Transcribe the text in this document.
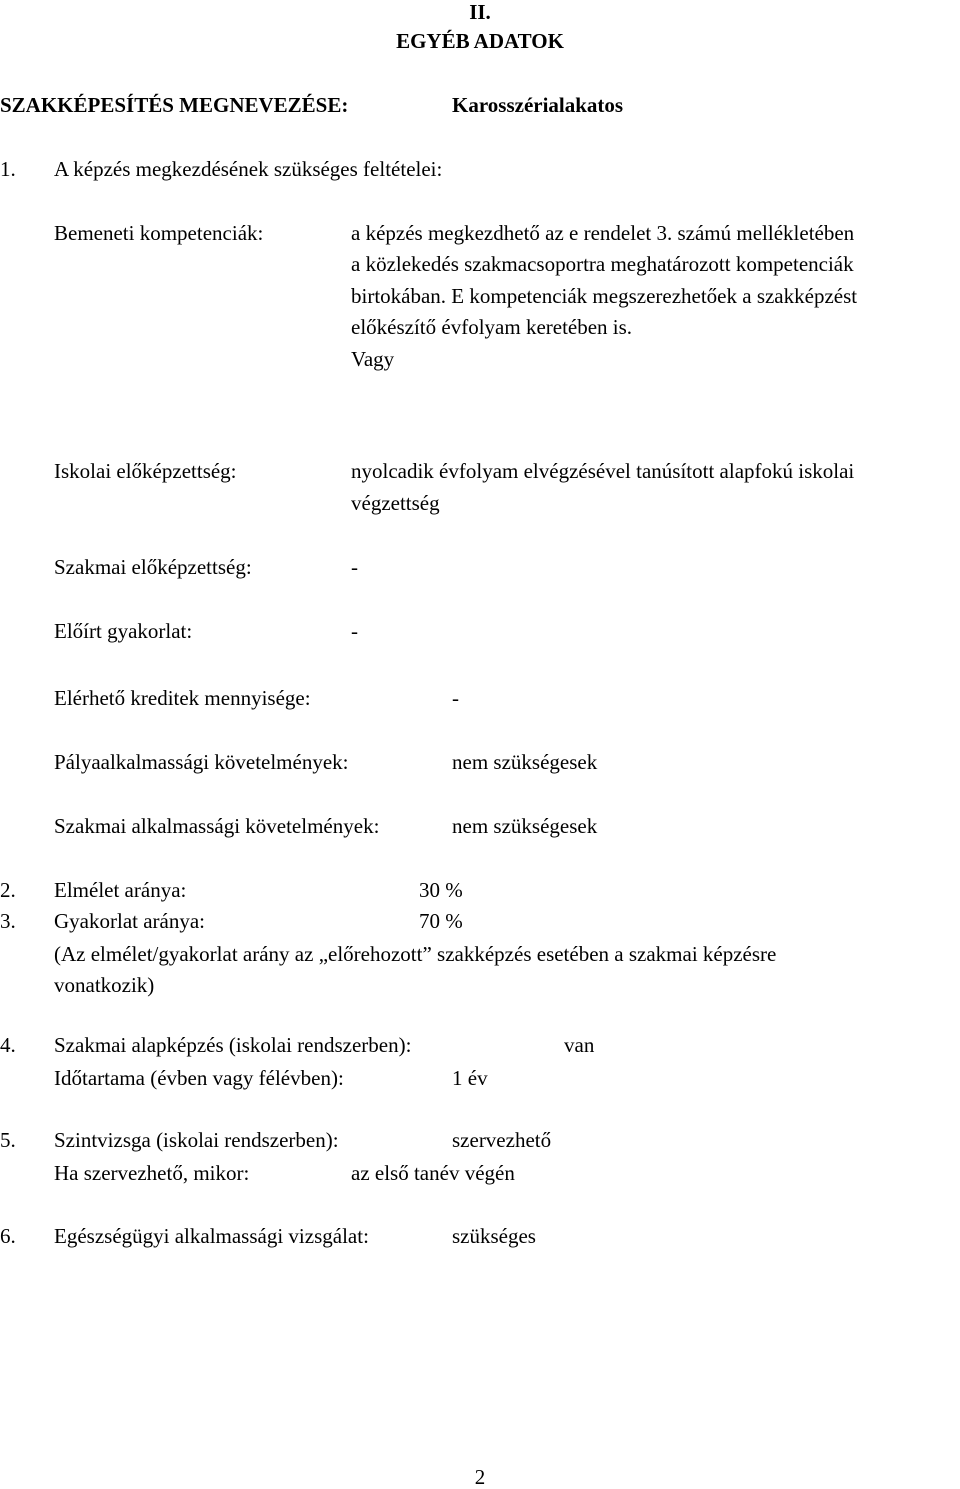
II.
EGYÉB ADATOK
SZAKKÉPESÍTÉS MEGNEVEZÉSE:	Karosszérialakatos
1. A képzés megkezdésének szükséges feltételei:
Bemeneti kompetenciák:	a képzés megkezdhető az e rendelet 3. számú mellékletében
a közlekedés szakmacsoportra meghatározott kompetenciák
birtokában. E kompetenciák megszerezhetőek a szakképzést
előkészítő évfolyam keretében is.
Vagy
Iskolai előképzettség:	nyolcadik évfolyam elvégzésével tanúsított alapfokú iskolai
végzettség
Szakmai előképzettség:	-
Előírt gyakorlat:	-
Elérhető kreditek mennyisége:	-
Pályaalkalmassági követelmények:	nem szükségesek
Szakmai alkalmassági követelmények:	nem szükségesek
2. Elmélet aránya:	30 %
3. Gyakorlat aránya:	70 %
(Az elmélet/gyakorlat arány az „előrehozott” szakképzés esetében a szakmai képzésre
vonatkozik)
4. Szakmai alapképzés (iskolai rendszerben):	van
Időtartama (évben vagy félévben):	1 év
5. Szintvizsga (iskolai rendszerben):	szervezhető
Ha szervezhető, mikor:	az első tanév végén
6. Egészségügyi alkalmassági vizsgálat:	szükséges
2
